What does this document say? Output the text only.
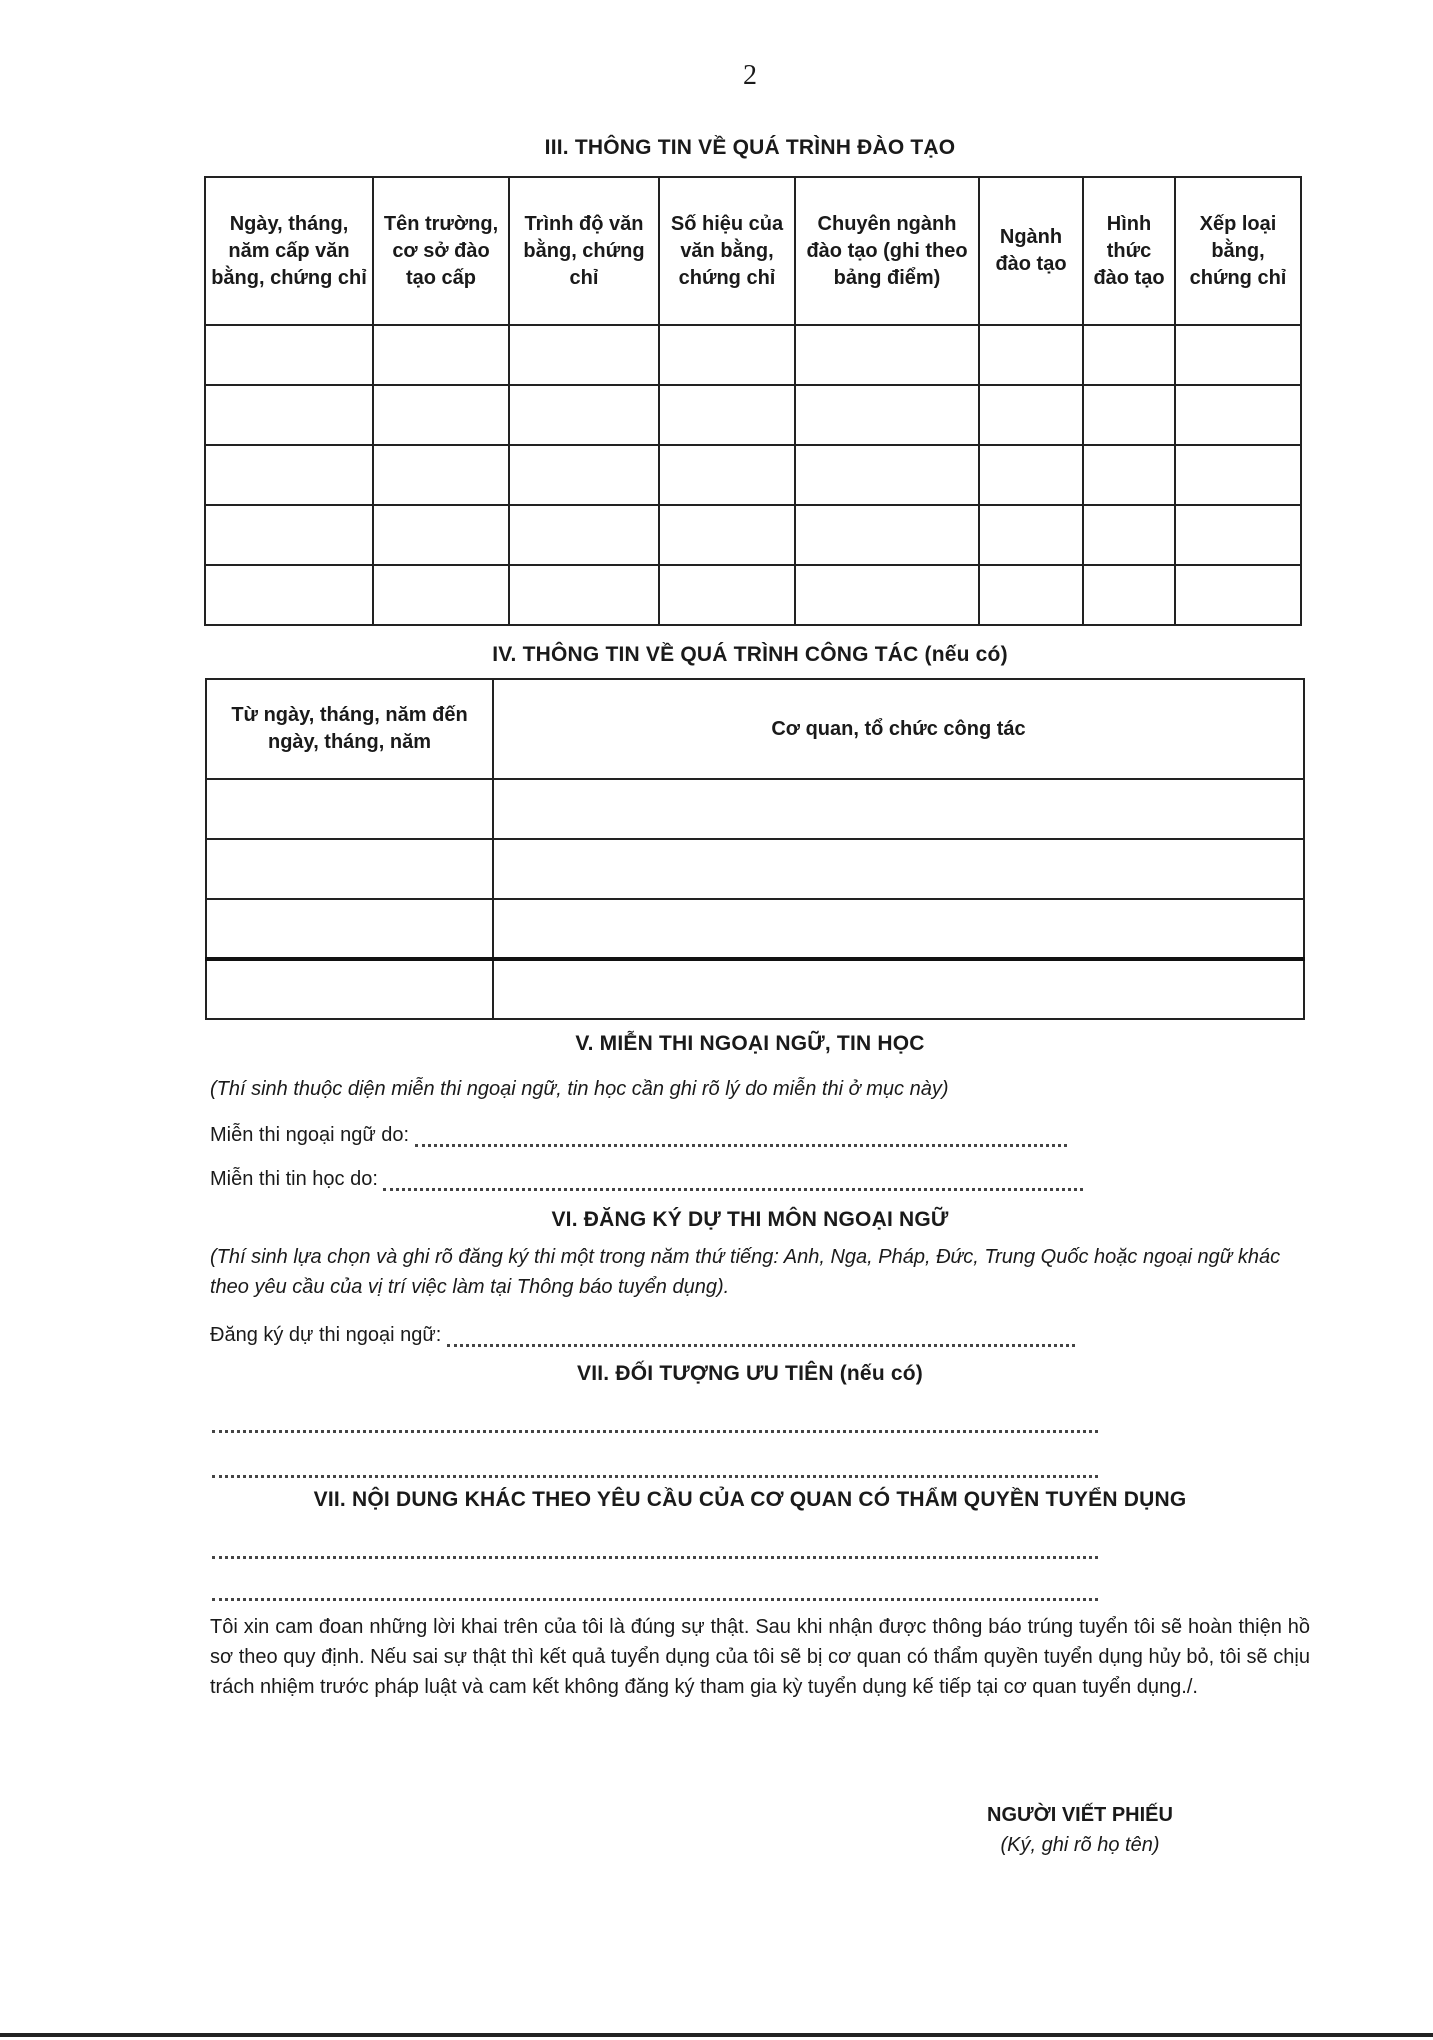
2
III. THÔNG TIN VỀ QUÁ TRÌNH ĐÀO TẠO
Ngày, tháng, năm cấp văn bằng, chứng chỉ	Tên trường, cơ sở đào tạo cấp	Trình độ văn bằng, chứng chỉ	Số hiệu của văn bằng, chứng chỉ	Chuyên ngành đào tạo (ghi theo bảng điểm)	Ngành đào tạo	Hình thức đào tạo	Xếp loại bằng, chứng chỉ

IV. THÔNG TIN VỀ QUÁ TRÌNH CÔNG TÁC (nếu có)
Từ ngày, tháng, năm đến ngày, tháng, năm	Cơ quan, tổ chức công tác

V. MIỄN THI NGOẠI NGỮ, TIN HỌC
(Thí sinh thuộc diện miễn thi ngoại ngữ, tin học cần ghi rõ lý do miễn thi ở mục này)
Miễn thi ngoại ngữ do:
Miễn thi tin học do:
VI. ĐĂNG KÝ DỰ THI MÔN NGOẠI NGỮ
(Thí sinh lựa chọn và ghi rõ đăng ký thi một trong năm thứ tiếng: Anh, Nga, Pháp, Đức, Trung Quốc hoặc ngoại ngữ khác theo yêu cầu của vị trí việc làm tại Thông báo tuyển dụng).
Đăng ký dự thi ngoại ngữ:
VII. ĐỐI TƯỢNG ƯU TIÊN (nếu có)
VII. NỘI DUNG KHÁC THEO YÊU CẦU CỦA CƠ QUAN CÓ THẨM QUYỀN TUYỂN DỤNG
Tôi xin cam đoan những lời khai trên của tôi là đúng sự thật. Sau khi nhận được thông báo trúng tuyển tôi sẽ hoàn thiện hồ sơ theo quy định. Nếu sai sự thật thì kết quả tuyển dụng của tôi sẽ bị cơ quan có thẩm quyền tuyển dụng hủy bỏ, tôi sẽ chịu trách nhiệm trước pháp luật và cam kết không đăng ký tham gia kỳ tuyển dụng kế tiếp tại cơ quan tuyển dụng./.
NGƯỜI VIẾT PHIẾU
(Ký, ghi rõ họ tên)
